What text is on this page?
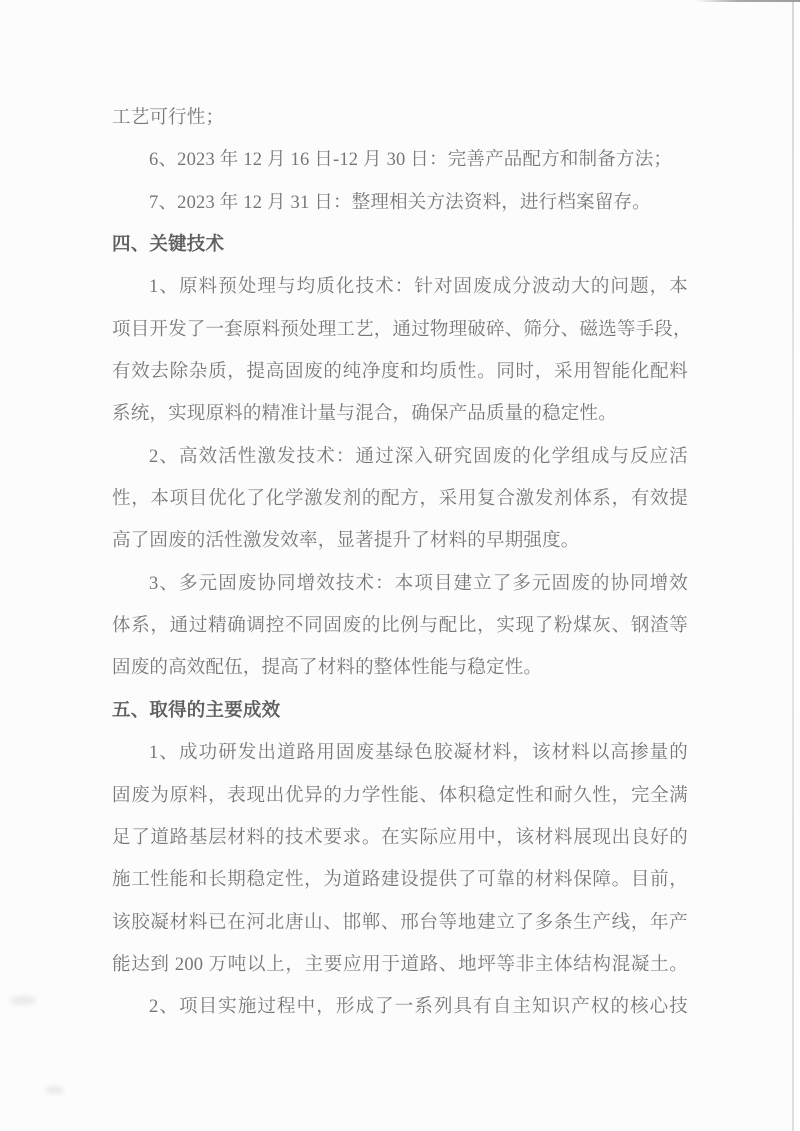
工艺可行性；
6、2023 年 12 月 16 日-12 月 30 日：完善产品配方和制备方法；
7、2023 年 12 月 31 日：整理相关方法资料，进行档案留存。
四、关键技术
1、原料预处理与均质化技术：针对固废成分波动大的问题，本
项目开发了一套原料预处理工艺，通过物理破碎、筛分、磁选等手段，
有效去除杂质，提高固废的纯净度和均质性。同时，采用智能化配料
系统，实现原料的精准计量与混合，确保产品质量的稳定性。
2、高效活性激发技术：通过深入研究固废的化学组成与反应活
性，本项目优化了化学激发剂的配方，采用复合激发剂体系，有效提
高了固废的活性激发效率，显著提升了材料的早期强度。
3、多元固废协同增效技术：本项目建立了多元固废的协同增效
体系，通过精确调控不同固废的比例与配比，实现了粉煤灰、钢渣等
固废的高效配伍，提高了材料的整体性能与稳定性。
五、取得的主要成效
1、成功研发出道路用固废基绿色胶凝材料，该材料以高掺量的
固废为原料，表现出优异的力学性能、体积稳定性和耐久性，完全满
足了道路基层材料的技术要求。在实际应用中，该材料展现出良好的
施工性能和长期稳定性，为道路建设提供了可靠的材料保障。目前，
该胶凝材料已在河北唐山、邯郸、邢台等地建立了多条生产线，年产
能达到 200 万吨以上，主要应用于道路、地坪等非主体结构混凝土。
2、项目实施过程中，形成了一系列具有自主知识产权的核心技
